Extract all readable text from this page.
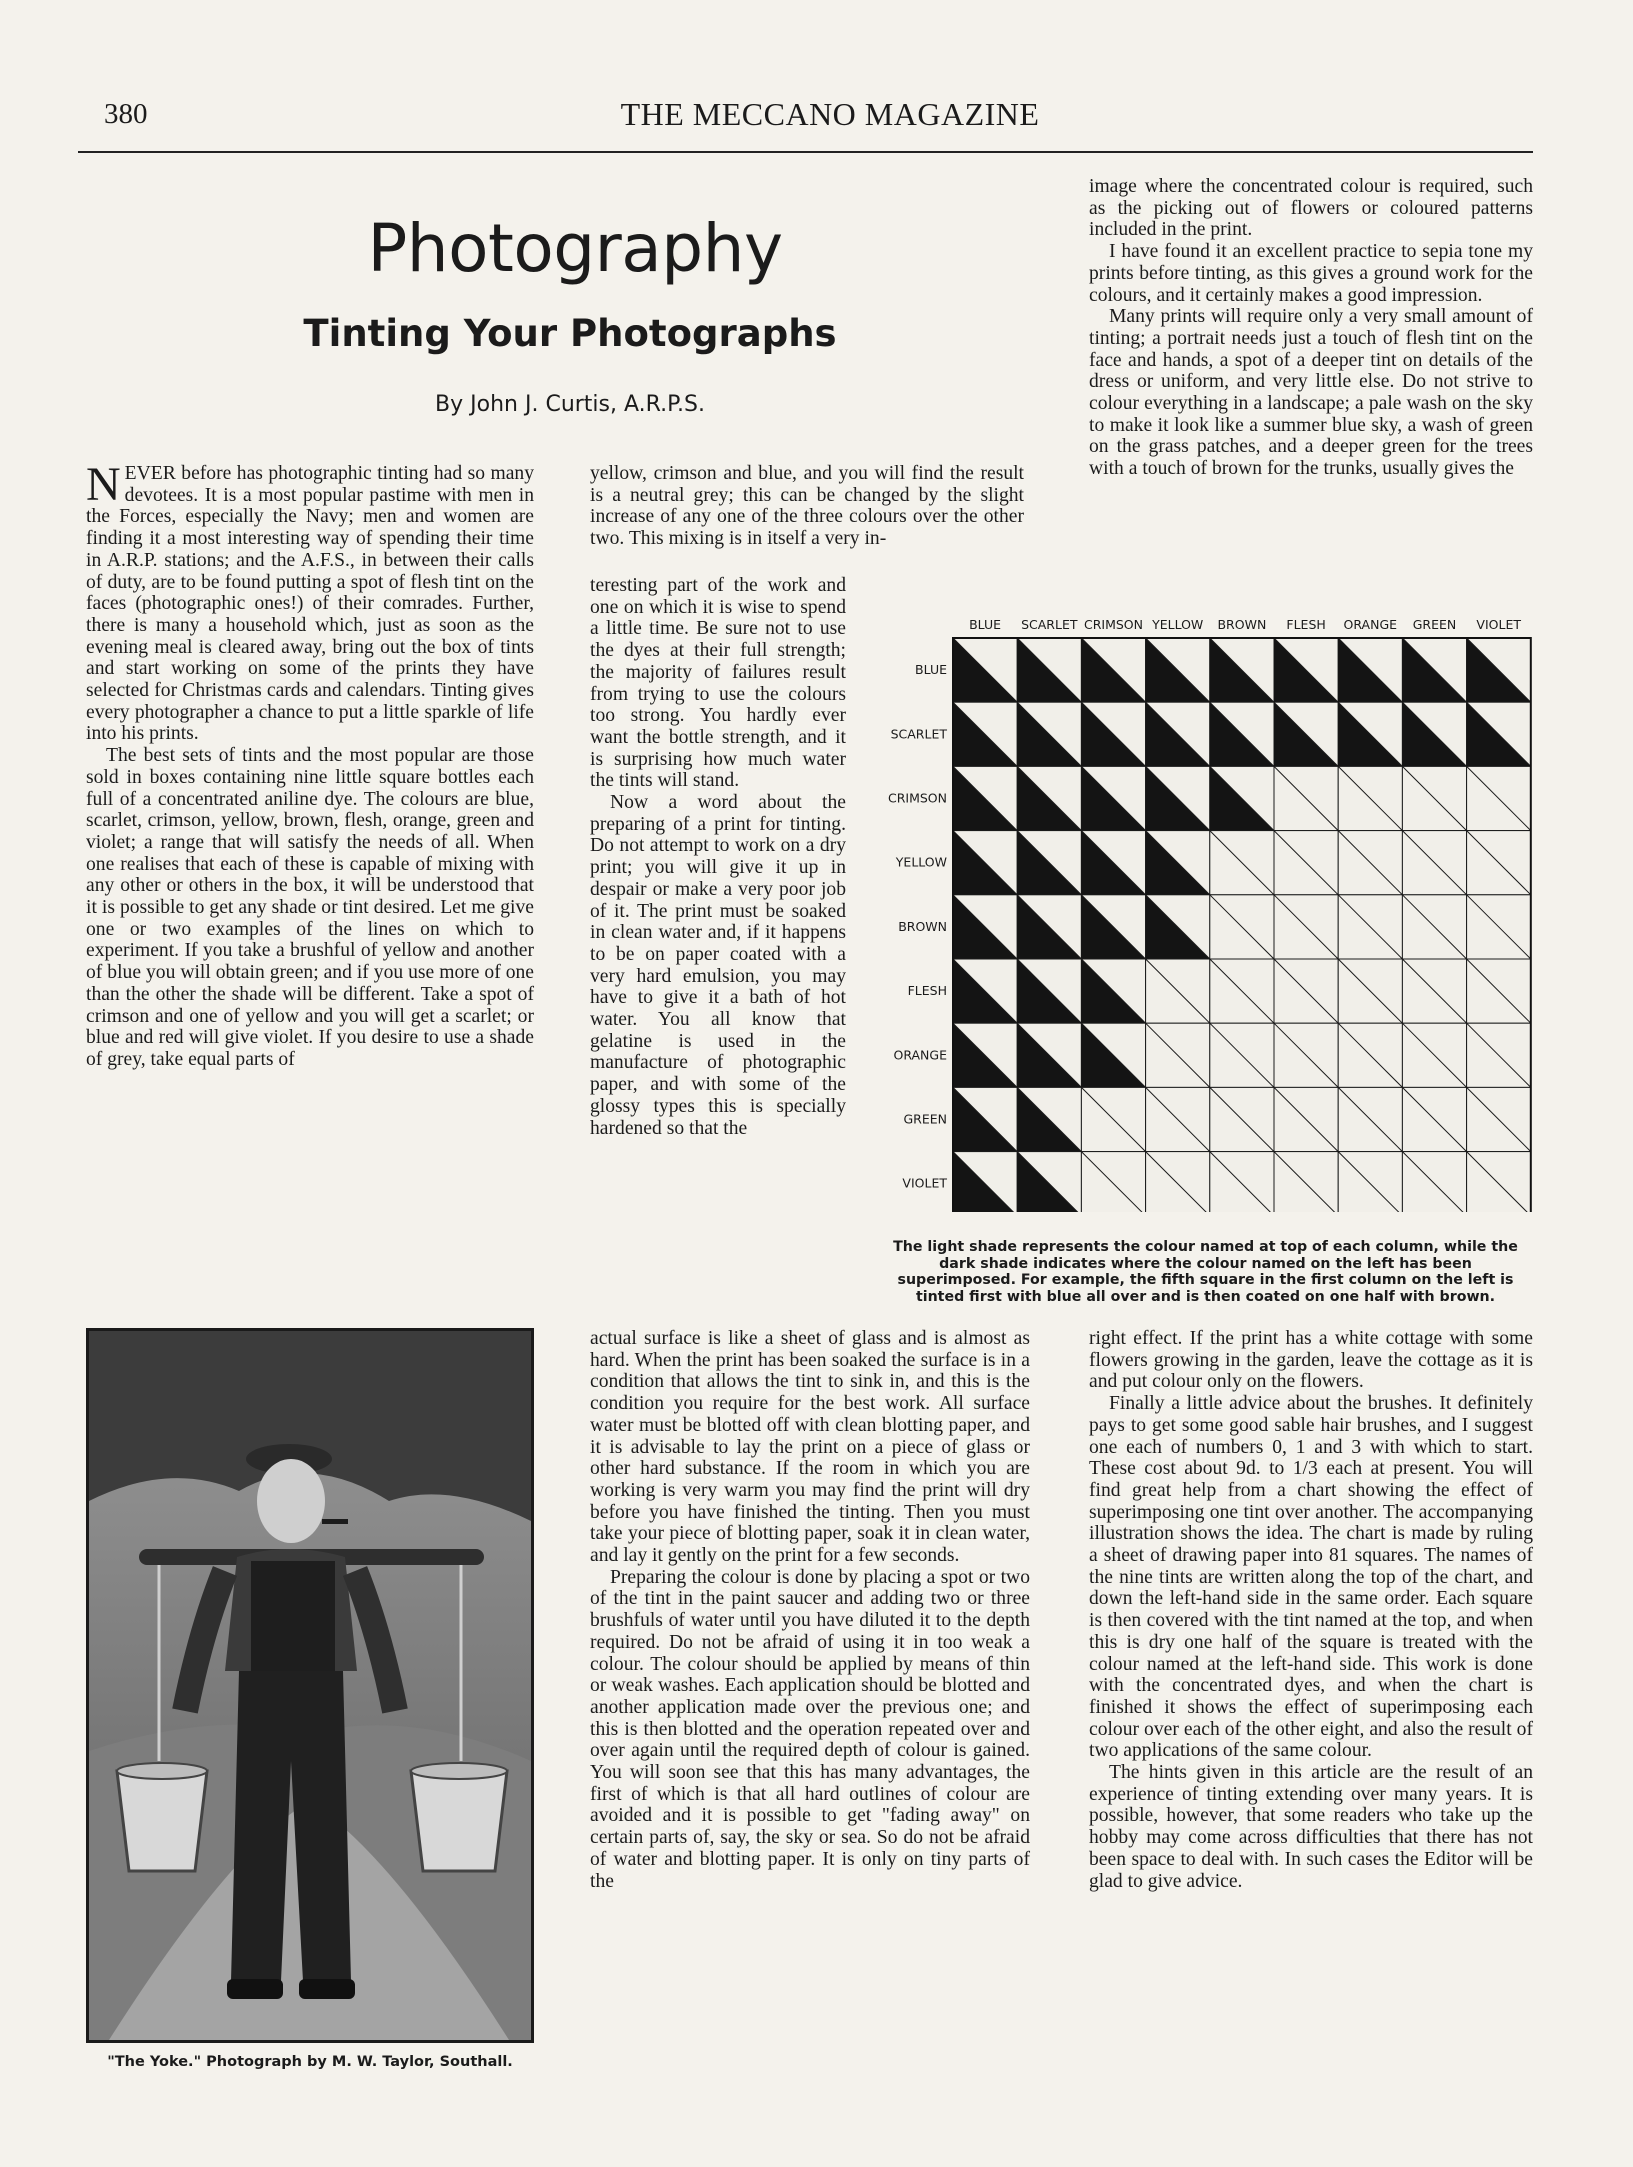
380	THE MECCANO MAGAZINE
Photography
Tinting Your Photographs
By John J. Curtis, A.R.P.S.

NEVER before has photographic tinting had so many devotees. It is a most popular pastime with men in the Forces, especially the Navy; men and women are finding it a most interesting way of spending their time in A.R.P. stations; and the A.F.S., in between their calls of duty, are to be found putting a spot of flesh tint on the faces (photographic ones!) of their comrades. Further, there is many a household which, just as soon as the evening meal is cleared away, bring out the box of tints and start working on some of the prints they have selected for Christmas cards and calendars. Tinting gives every photographer a chance to put a little sparkle of life into his prints.

The best sets of tints and the most popular are those sold in boxes containing nine little square bottles each full of a concentrated aniline dye. The colours are blue, scarlet, crimson, yellow, brown, flesh, orange, green and violet; a range that will satisfy the needs of all. When one realises that each of these is capable of mixing with any other or others in the box, it will be understood that it is possible to get any shade or tint desired. Let me give one or two examples of the lines on which to experiment. If you take a brushful of yellow and another of blue you will obtain green; and if you use more of one than the other the shade will be different. Take a spot of crimson and one of yellow and you will get a scarlet; or blue and red will give violet. If you desire to use a shade of grey, take equal parts of

"The Yoke." Photograph by M. W. Taylor, Southall.

yellow, crimson and blue, and you will find the result is a neutral grey; this can be changed by the slight increase of any one of the three colours over the other two. This mixing is in itself a very in-

teresting part of the work and one on which it is wise to spend a little time. Be sure not to use the dyes at their full strength; the majority of failures result from trying to use the colours too strong. You hardly ever want the bottle strength, and it is surprising how much water the tints will stand.

Now a word about the preparing of a print for tinting. Do not attempt to work on a dry print; you will give it up in despair or make a very poor job of it. The print must be soaked in clean water and, if it happens to be on paper coated with a very hard emulsion, you may have to give it a bath of hot water. You all know that gelatine is used in the manufacture of photographic paper, and with some of the glossy types this is specially hardened so that the

actual surface is like a sheet of glass and is almost as hard. When the print has been soaked the surface is in a condition that allows the tint to sink in, and this is the condition you require for the best work. All surface water must be blotted off with clean blotting paper, and it is advisable to lay the print on a piece of glass or other hard substance. If the room in which you are working is very warm you may find the print will dry before you have finished the tinting. Then you must take your piece of blotting paper, soak it in clean water, and lay it gently on the print for a few seconds.

Preparing the colour is done by placing a spot or two of the tint in the paint saucer and adding two or three brushfuls of water until you have diluted it to the depth required. Do not be afraid of using it in too weak a colour. The colour should be applied by means of thin or weak washes. Each application should be blotted and another application made over the previous one; and this is then blotted and the operation repeated over and over again until the required depth of colour is gained. You will soon see that this has many advantages, the first of which is that all hard outlines of colour are avoided and it is possible to get "fading away" on certain parts of, say, the sky or sea. So do not be afraid of water and blotting paper. It is only on tiny parts of the

image where the concentrated colour is required, such as the picking out of flowers or coloured patterns included in the print.

I have found it an excellent practice to sepia tone my prints before tinting, as this gives a ground work for the colours, and it certainly makes a good impression.

Many prints will require only a very small amount of tinting; a portrait needs just a touch of flesh tint on the face and hands, a spot of a deeper tint on details of the dress or uniform, and very little else. Do not strive to colour everything in a landscape; a pale wash on the sky to make it look like a summer blue sky, a wash of green on the grass patches, and a deeper green for the trees with a touch of brown for the trunks, usually gives the

right effect. If the print has a white cottage with some flowers growing in the garden, leave the cottage as it is and put colour only on the flowers.

Finally a little advice about the brushes. It definitely pays to get some good sable hair brushes, and I suggest one each of numbers 0, 1 and 3 with which to start. These cost about 9d. to 1/3 each at present. You will find great help from a chart showing the effect of superimposing one tint over another. The accompanying illustration shows the idea. The chart is made by ruling a sheet of drawing paper into 81 squares. The names of the nine tints are written along the top of the chart, and down the left-hand side in the same order. Each square is then covered with the tint named at the top, and when this is dry one half of the square is treated with the colour named at the left-hand side. This work is done with the concentrated dyes, and when the chart is finished it shows the effect of superimposing each colour over each of the other eight, and also the result of two applications of the same colour.

The hints given in this article are the result of an experience of tinting extending over many years. It is possible, however, that some readers who take up the hobby may come across difficulties that there has not been space to deal with. In such cases the Editor will be glad to give advice.

BLUE SCARLET CRIMSON YELLOW BROWN FLESH ORANGE GREEN VIOLET
BLUE
SCARLET
CRIMSON
YELLOW
BROWN
FLESH
ORANGE
GREEN
VIOLET
The light shade represents the colour named at top of each column, while the dark shade indicates where the colour named on the left has been superimposed. For example, the fifth square in the first column on the left is tinted first with blue all over and is then coated on one half with brown.
